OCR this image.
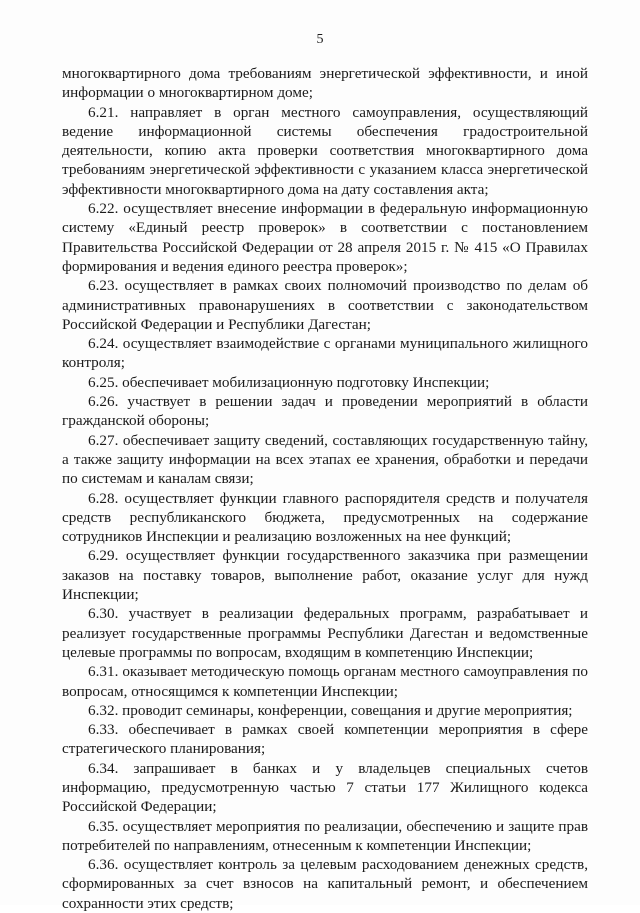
5

многоквартирного дома требованиям энергетической эффективности, и иной информации о многоквартирном доме;

6.21. направляет в орган местного самоуправления, осуществляющий ведение информационной системы обеспечения градостроительной деятельности, копию акта проверки соответствия многоквартирного дома требованиям энергетической эффективности с указанием класса энергетической эффективности многоквартирного дома на дату составления акта;

6.22. осуществляет внесение информации в федеральную информационную систему «Единый реестр проверок» в соответствии с постановлением Правительства Российской Федерации от 28 апреля 2015 г. № 415 «О Правилах формирования и ведения единого реестра проверок»;

6.23. осуществляет в рамках своих полномочий производство по делам об административных правонарушениях в соответствии с законодательством Российской Федерации и Республики Дагестан;

6.24. осуществляет взаимодействие с органами муниципального жилищного контроля;

6.25. обеспечивает мобилизационную подготовку Инспекции;

6.26. участвует в решении задач и проведении мероприятий в области гражданской обороны;

6.27. обеспечивает защиту сведений, составляющих государственную тайну, а также защиту информации на всех этапах ее хранения, обработки и передачи по системам и каналам связи;

6.28. осуществляет функции главного распорядителя средств и получателя средств республиканского бюджета, предусмотренных на содержание сотрудников Инспекции и реализацию возложенных на нее функций;

6.29. осуществляет функции государственного заказчика при размещении заказов на поставку товаров, выполнение работ, оказание услуг для нужд Инспекции;

6.30. участвует в реализации федеральных программ, разрабатывает и реализует государственные программы Республики Дагестан и ведомственные целевые программы по вопросам, входящим в компетенцию Инспекции;

6.31. оказывает методическую помощь органам местного самоуправления по вопросам, относящимся к компетенции Инспекции;

6.32. проводит семинары, конференции, совещания и другие мероприятия;

6.33. обеспечивает в рамках своей компетенции мероприятия в сфере стратегического планирования;

6.34. запрашивает в банках и у владельцев специальных счетов информацию, предусмотренную частью 7 статьи 177 Жилищного кодекса Российской Федерации;

6.35. осуществляет мероприятия по реализации, обеспечению и защите прав потребителей по направлениям, отнесенным к компетенции Инспекции;

6.36. осуществляет контроль за целевым расходованием денежных средств, сформированных за счет взносов на капитальный ремонт, и обеспечением сохранности этих средств;
